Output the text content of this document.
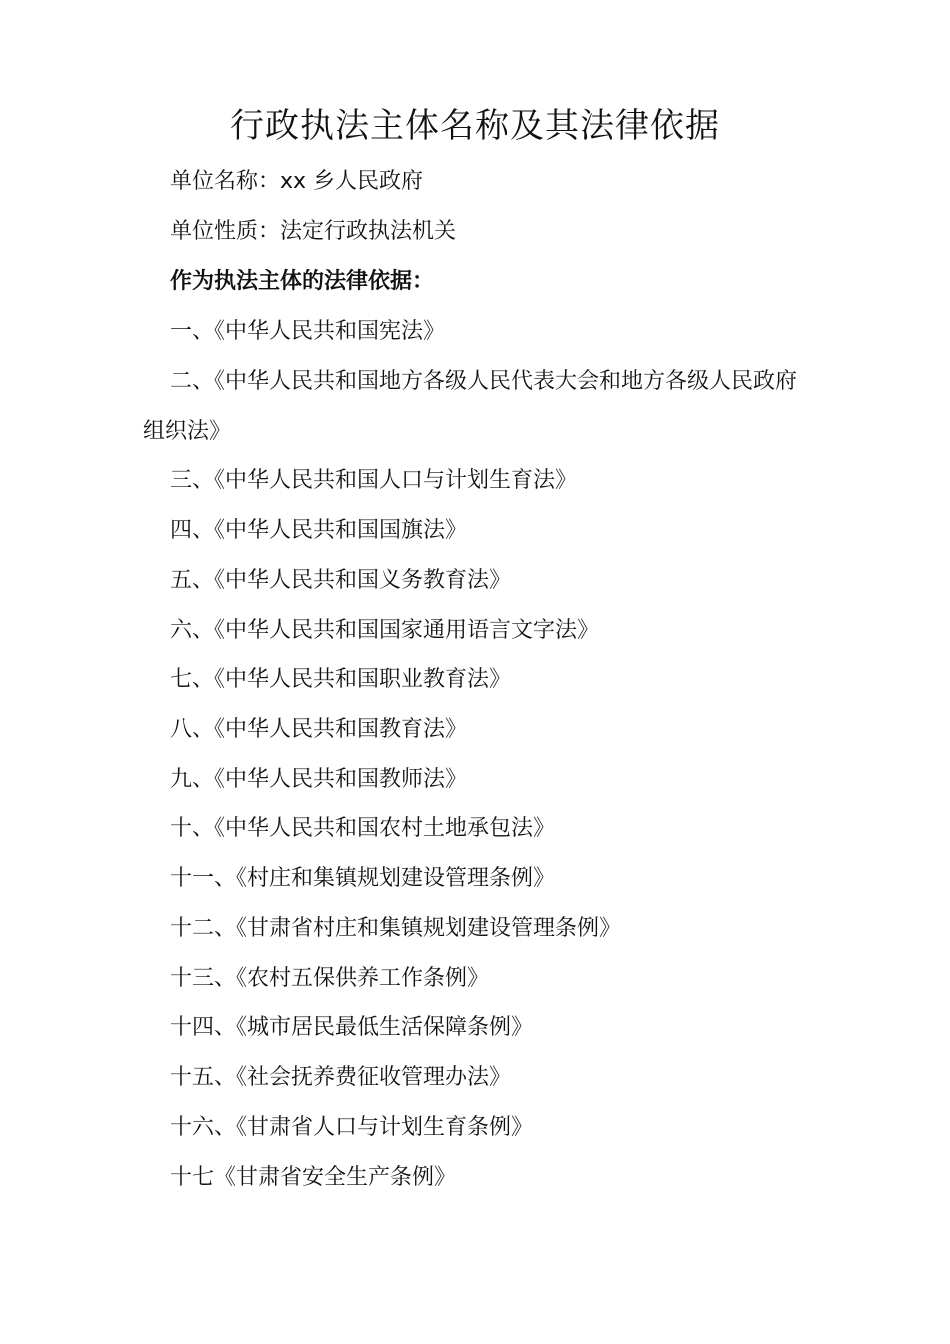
行政执法主体名称及其法律依据
单位名称：xx 乡人民政府
单位性质：法定行政执法机关
作为执法主体的法律依据：
一、《中华人民共和国宪法》
二、《中华人民共和国地方各级人民代表大会和地方各级人民政府
组织法》
三、《中华人民共和国人口与计划生育法》
四、《中华人民共和国国旗法》
五、《中华人民共和国义务教育法》
六、《中华人民共和国国家通用语言文字法》
七、《中华人民共和国职业教育法》
八、《中华人民共和国教育法》
九、《中华人民共和国教师法》
十、《中华人民共和国农村土地承包法》
十一、《村庄和集镇规划建设管理条例》
十二、《甘肃省村庄和集镇规划建设管理条例》
十三、《农村五保供养工作条例》
十四、《城市居民最低生活保障条例》
十五、《社会抚养费征收管理办法》
十六、《甘肃省人口与计划生育条例》
十七《甘肃省安全生产条例》
